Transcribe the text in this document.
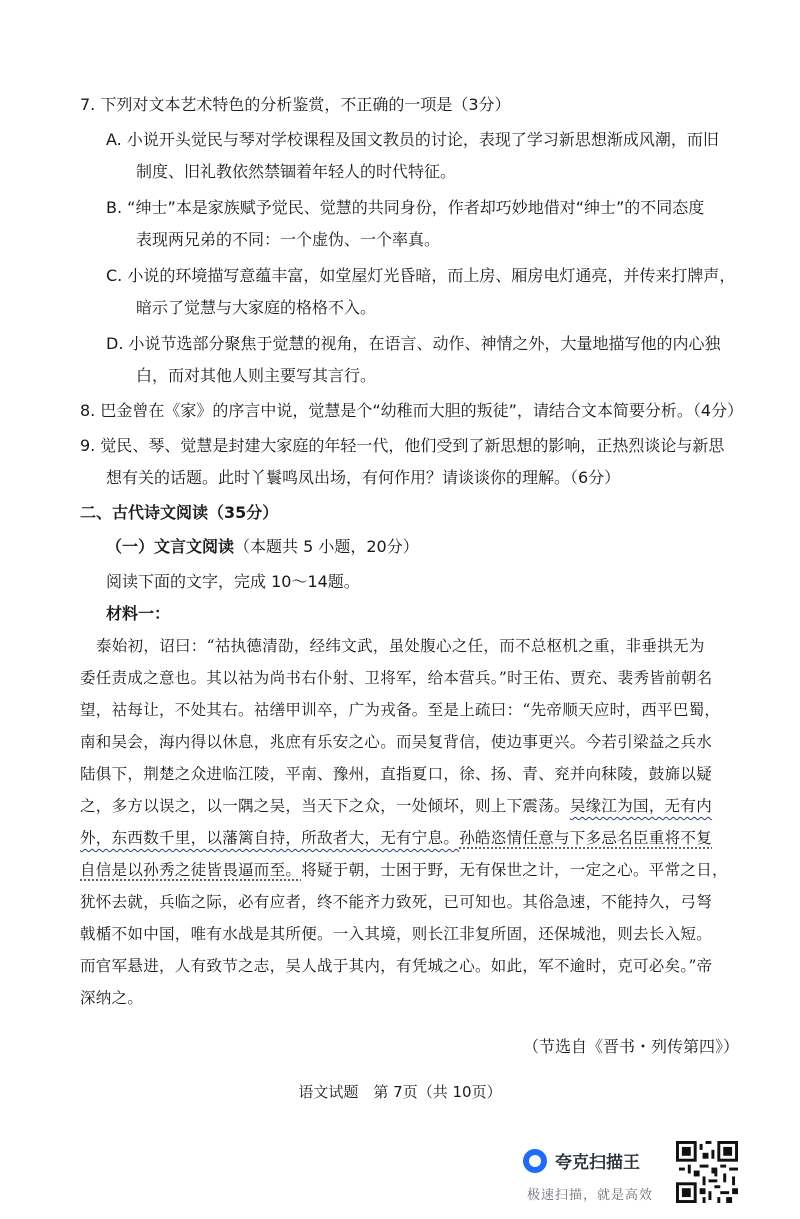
7. 下列对文本艺术特色的分析鉴赏，不正确的一项是（3分）
A. 小说开头觉民与琴对学校课程及国文教员的讨论，表现了学习新思想渐成风潮，而旧
制度、旧礼教依然禁锢着年轻人的时代特征。
B. “绅士”本是家族赋予觉民、觉慧的共同身份，作者却巧妙地借对“绅士”的不同态度
表现两兄弟的不同：一个虚伪、一个率真。
C. 小说的环境描写意蕴丰富，如堂屋灯光昏暗，而上房、厢房电灯通亮，并传来打牌声，
暗示了觉慧与大家庭的格格不入。
D. 小说节选部分聚焦于觉慧的视角，在语言、动作、神情之外，大量地描写他的内心独
白，而对其他人则主要写其言行。
8. 巴金曾在《家》的序言中说，觉慧是个“幼稚而大胆的叛徒”，请结合文本简要分析。（4分）
9. 觉民、琴、觉慧是封建大家庭的年轻一代，他们受到了新思想的影响，正热烈谈论与新思
想有关的话题。此时丫鬟鸣凤出场，有何作用？请谈谈你的理解。（6分）
二、古代诗文阅读（35分）
（一）文言文阅读（本题共 5 小题，20分）
阅读下面的文字，完成 10～14题。
材料一：
泰始初，诏曰：“祜执德清劭，经纬文武，虽处腹心之任，而不总枢机之重，非垂拱无为
委任责成之意也。其以祜为尚书右仆射、卫将军，给本营兵。”时王佑、贾充、裴秀皆前朝名
望，祜每让，不处其右。祜缮甲训卒，广为戎备。至是上疏曰：“先帝顺天应时，西平巴蜀，
南和吴会，海内得以休息，兆庶有乐安之心。而吴复背信，使边事更兴。今若引梁益之兵水
陆俱下，荆楚之众进临江陵，平南、豫州，直指夏口，徐、扬、青、兖并向秣陵，鼓旆以疑
之，多方以误之，以一隅之吴，当天下之众，一处倾坏，则上下震荡。吴缘江为国，无有内
外，东西数千里，以藩篱自持，所敌者大，无有宁息。孙皓恣情任意与下多忌名臣重将不复
自信是以孙秀之徒皆畏逼而至。将疑于朝，士困于野，无有保世之计，一定之心。平常之日，
犹怀去就，兵临之际，必有应者，终不能齐力致死，已可知也。其俗急速，不能持久，弓弩
戟楯不如中国，唯有水战是其所便。一入其境，则长江非复所固，还保城池，则去长入短。
而官军悬进，人有致节之志，吴人战于其内，有凭城之心。如此，军不逾时，克可必矣。”帝
深纳之。
（节选自《晋书・列传第四》）
语文试题　第 7页（共 10页）
夸克扫描王
极速扫描，就是高效
